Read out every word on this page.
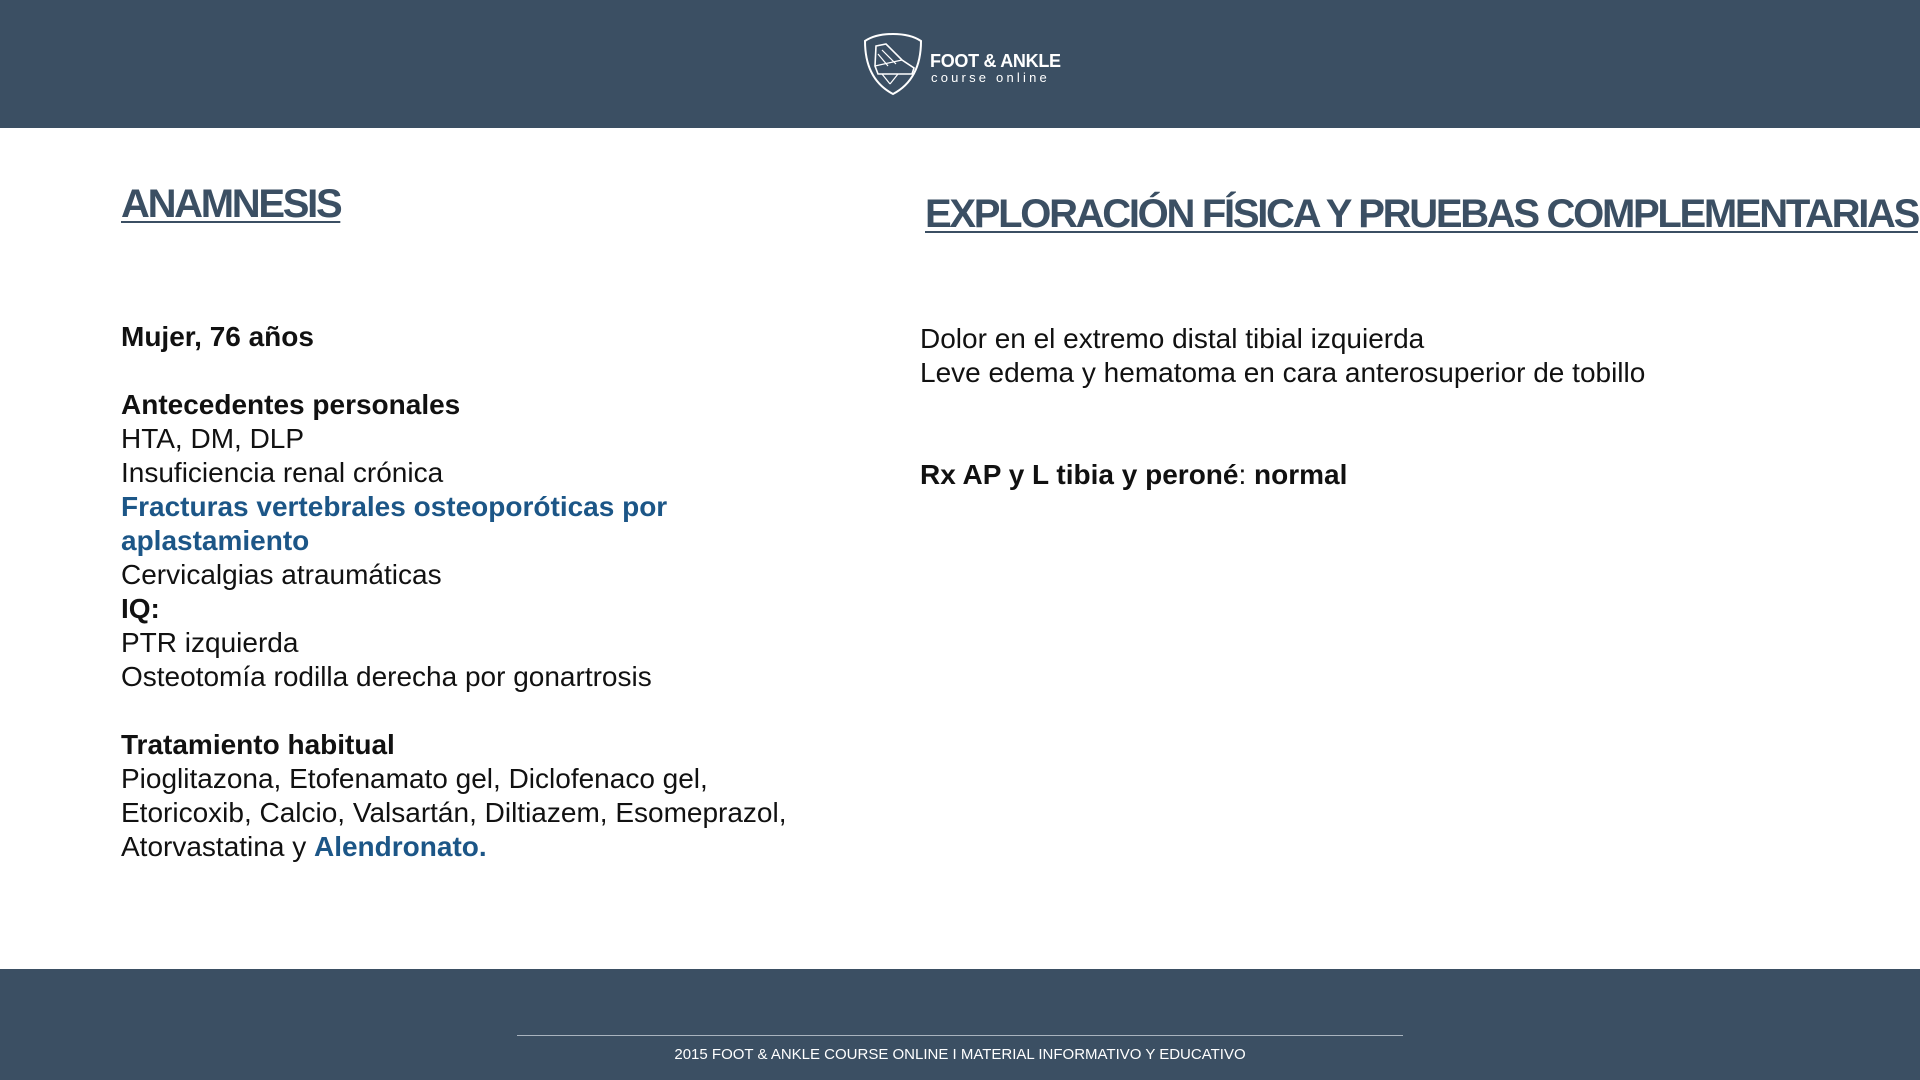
FOOT & ANKLE
course online
ANAMNESIS	EXPLORACIÓN FÍSICA Y PRUEBAS COMPLEMENTARIAS
Mujer, 76 años
Antecedentes personales
HTA, DM, DLP
Insuficiencia renal crónica
Fracturas vertebrales osteoporóticas por
aplastamiento
Cervicalgias atraumáticas
IQ:
PTR izquierda
Osteotomía rodilla derecha por gonartrosis
Tratamiento habitual
Pioglitazona, Etofenamato gel, Diclofenaco gel,
Etoricoxib, Calcio, Valsartán, Diltiazem, Esomeprazol,
Atorvastatina y Alendronato.
Dolor en el extremo distal tibial izquierda
Leve edema y hematoma en cara anterosuperior de tobillo
Rx AP y L tibia y peroné: normal
2015 FOOT & ANKLE COURSE ONLINE I MATERIAL INFORMATIVO Y EDUCATIVO
